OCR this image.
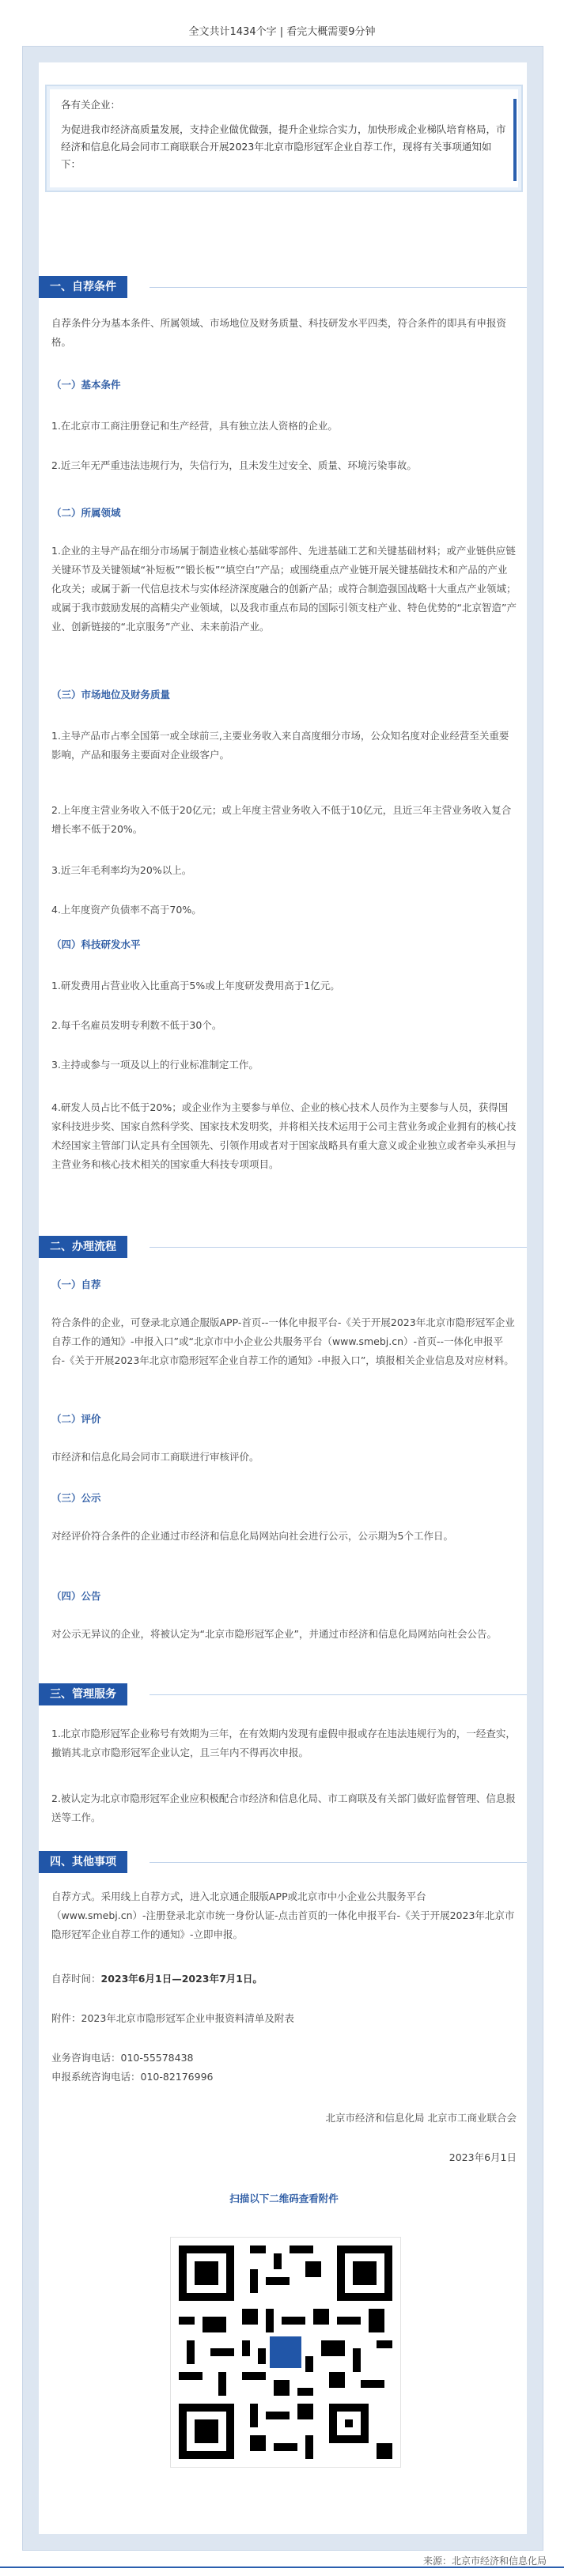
全文共计1434个字 | 看完大概需要9分钟
各有关企业：
为促进我市经济高质量发展，支持企业做优做强，提升企业综合实力，加快形成企业梯队培育格局，市经济和信息化局会同市工商联联合开展2023年北京市隐形冠军企业自荐工作，现将有关事项通知如下：
一、自荐条件
自荐条件分为基本条件、所属领域、市场地位及财务质量、科技研发水平四类，符合条件的即具有申报资格。
（一）基本条件
1.在北京市工商注册登记和生产经营，具有独立法人资格的企业。
2.近三年无严重违法违规行为，失信行为，且未发生过安全、质量、环境污染事故。
（二）所属领域
1.企业的主导产品在细分市场属于制造业核心基础零部件、先进基础工艺和关键基础材料；或产业链供应链关键环节及关键领域“补短板”“锻长板”“填空白”产品；或围绕重点产业链开展关键基础技术和产品的产业化攻关；或属于新一代信息技术与实体经济深度融合的创新产品；或符合制造强国战略十大重点产业领域；或属于我市鼓励发展的高精尖产业领域，以及我市重点布局的国际引领支柱产业、特色优势的“北京智造”产业、创新链接的“北京服务”产业、未来前沿产业。
（三）市场地位及财务质量
1.主导产品市占率全国第一或全球前三,主要业务收入来自高度细分市场，公众知名度对企业经营至关重要影响，产品和服务主要面对企业级客户。
2.上年度主营业务收入不低于20亿元；或上年度主营业务收入不低于10亿元，且近三年主营业务收入复合增长率不低于20%。
3.近三年毛利率均为20%以上。
4.上年度资产负债率不高于70%。
（四）科技研发水平
1.研发费用占营业收入比重高于5%或上年度研发费用高于1亿元。
2.每千名雇员发明专利数不低于30个。
3.主持或参与一项及以上的行业标准制定工作。
4.研发人员占比不低于20%；或企业作为主要参与单位、企业的核心技术人员作为主要参与人员，获得国家科技进步奖、国家自然科学奖、国家技术发明奖，并将相关技术运用于公司主营业务或企业拥有的核心技术经国家主管部门认定具有全国领先、引领作用或者对于国家战略具有重大意义或企业独立或者牵头承担与主营业务和核心技术相关的国家重大科技专项项目。
二、办理流程
（一）自荐
符合条件的企业，可登录北京通企服版APP-首页--一体化申报平台-《关于开展2023年北京市隐形冠军企业自荐工作的通知》-申报入口”或“北京市中小企业公共服务平台（www.smebj.cn）-首页--一体化申报平台-《关于开展2023年北京市隐形冠军企业自荐工作的通知》-申报入口”，填报相关企业信息及对应材料。
（二）评价
市经济和信息化局会同市工商联进行审核评价。
（三）公示
对经评价符合条件的企业通过市经济和信息化局网站向社会进行公示，公示期为5个工作日。
（四）公告
对公示无异议的企业，将被认定为“北京市隐形冠军企业”，并通过市经济和信息化局网站向社会公告。
三、管理服务
1.北京市隐形冠军企业称号有效期为三年，在有效期内发现有虚假申报或存在违法违规行为的，一经查实，撤销其北京市隐形冠军企业认定，且三年内不得再次申报。
2.被认定为北京市隐形冠军企业应积极配合市经济和信息化局、市工商联及有关部门做好监督管理、信息报送等工作。
四、其他事项
自荐方式。采用线上自荐方式，进入北京通企服版APP或北京市中小企业公共服务平台（www.smebj.cn）-注册登录北京市统一身份认证-点击首页的一体化申报平台-《关于开展2023年北京市隐形冠军企业自荐工作的通知》-立即申报。
自荐时间：2023年6月1日—2023年7月1日。
附件：2023年北京市隐形冠军企业申报资料清单及附表
业务咨询电话：010-55578438
申报系统咨询电话：010-82176996
北京市经济和信息化局 北京市工商业联合会
2023年6月1日
扫描以下二维码查看附件
来源：北京市经济和信息化局
